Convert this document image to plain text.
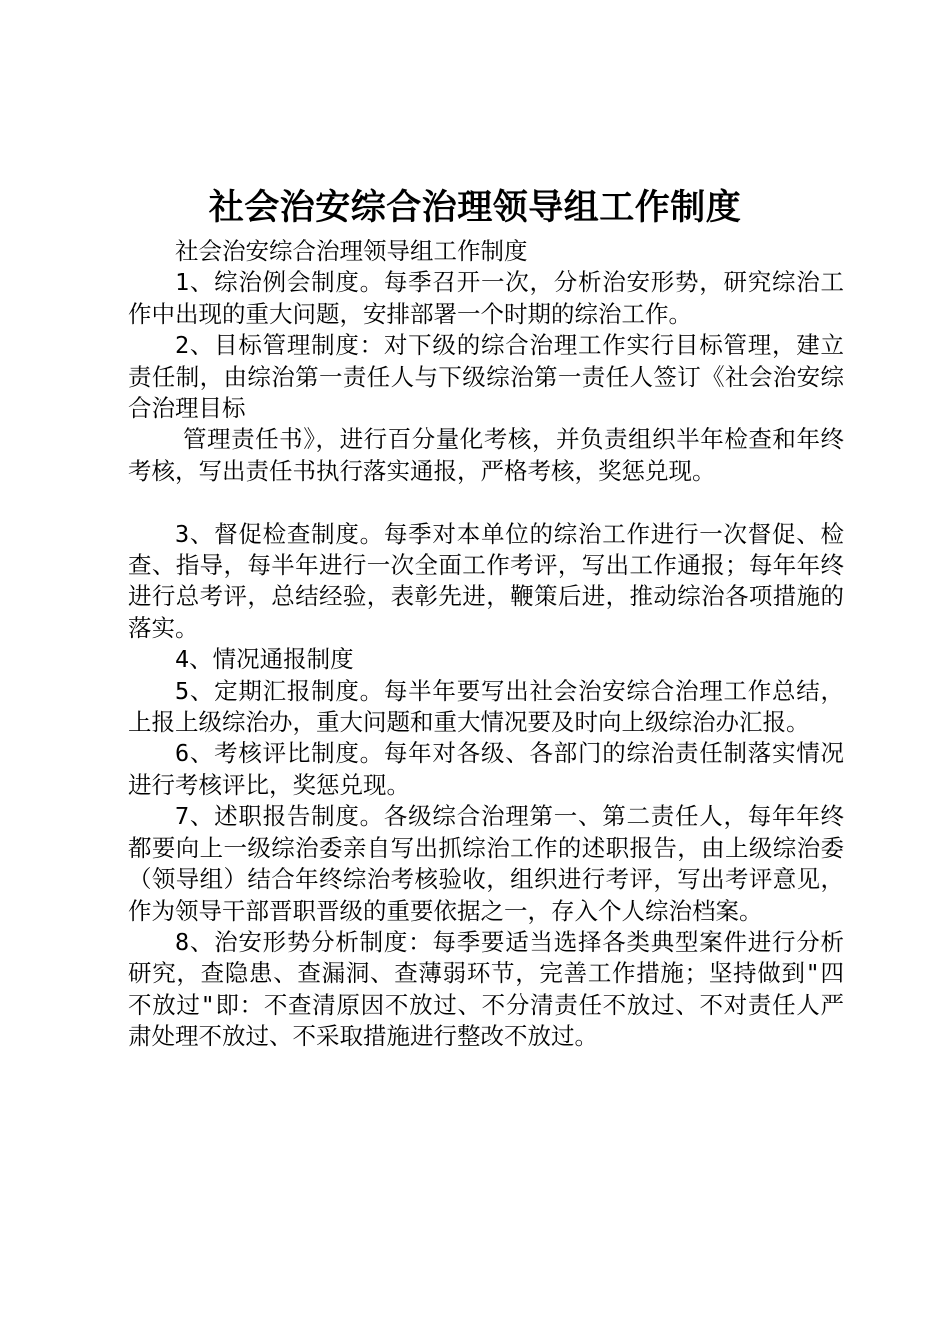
社会治安综合治理领导组工作制度

社会治安综合治理领导组工作制度

1、综治例会制度。每季召开一次，分析治安形势，研究综治工作中出现的重大问题，安排部署一个时期的综治工作。

2、目标管理制度：对下级的综合治理工作实行目标管理，建立责任制，由综治第一责任人与下级综治第一责任人签订《社会治安综合治理目标

管理责任书》，进行百分量化考核，并负责组织半年检查和年终考核，写出责任书执行落实通报，严格考核，奖惩兑现。

3、督促检查制度。每季对本单位的综治工作进行一次督促、检查、指导，每半年进行一次全面工作考评，写出工作通报；每年年终进行总考评，总结经验，表彰先进，鞭策后进，推动综治各项措施的落实。

4、情况通报制度

5、定期汇报制度。每半年要写出社会治安综合治理工作总结，上报上级综治办，重大问题和重大情况要及时向上级综治办汇报。

6、考核评比制度。每年对各级、各部门的综治责任制落实情况进行考核评比，奖惩兑现。

7、述职报告制度。各级综合治理第一、第二责任人，每年年终都要向上一级综治委亲自写出抓综治工作的述职报告，由上级综治委（领导组）结合年终综治考核验收，组织进行考评，写出考评意见，作为领导干部晋职晋级的重要依据之一，存入个人综治档案。

8、治安形势分析制度：每季要适当选择各类典型案件进行分析研究，查隐患、查漏洞、查薄弱环节，完善工作措施；坚持做到"四不放过"即：不查清原因不放过、不分清责任不放过、不对责任人严肃处理不放过、不采取措施进行整改不放过。
